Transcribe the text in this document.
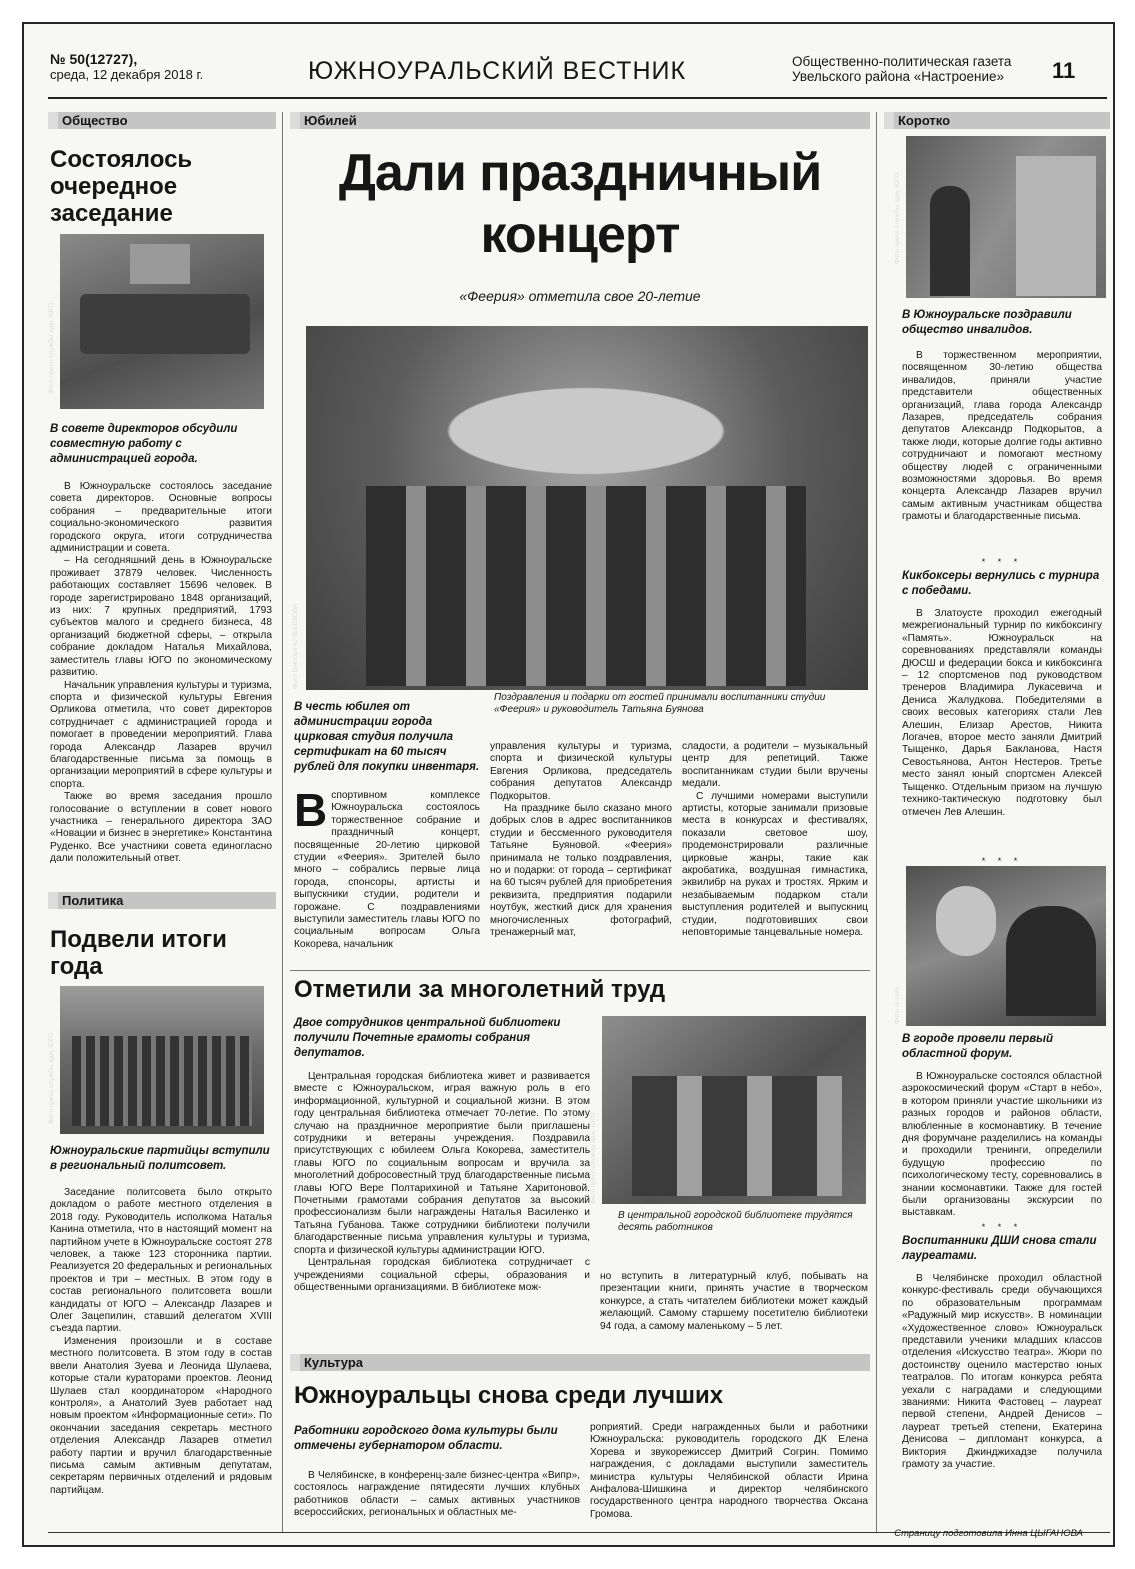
№ 50(12727),
среда, 12 декабря 2018 г.	ЮЖНОУРАЛЬСКИЙ ВЕСТНИК	Общественно-политическая газета
Увельского района «Настроение» 11
Общество
Состоялось очередное заседание
Фото пресс-службы адм. ЮГО
В совете директоров обсудили совместную работу с администрацией города.

В Южноуральске состоялось заседание совета директоров. Основные вопросы собрания – предварительные итоги социально-экономического развития городского округа, итоги сотрудничества администрации и совета.

– На сегодняшний день в Южноуральске проживает 37879 человек. Численность работающих составляет 15696 человек. В городе зарегистрировано 1848 организаций, из них: 7 крупных предприятий, 1793 субъектов малого и среднего бизнеса, 48 организаций бюджетной сферы, – открыла собрание докладом Наталья Михайлова, заместитель главы ЮГО по экономическому развитию.

Начальник управления культуры и туризма, спорта и физической культуры Евгения Орликова отметила, что совет директоров сотрудничает с администрацией города и помогает в проведении мероприятий. Глава города Александр Лазарев вручил благодарственные письма за помощь в организации мероприятий в сфере культуры и спорта.

Также во время заседания прошло голосование о вступлении в совет нового участника – генерального директора ЗАО «Новации и бизнес в энергетике» Константина Руденко. Все участники совета единогласно дали положительный ответ.

Политика
Подвели итоги года
Фото пресс-службы адм. ЮГО
Южноуральские партийцы вступили в региональный политсовет.

Заседание политсовета было открыто докладом о работе местного отделения в 2018 году. Руководитель исполкома Наталья Канина отметила, что в настоящий момент на партийном учете в Южноуральске состоят 278 человек, а также 123 сторонника партии. Реализуется 20 федеральных и региональных проектов и три – местных. В этом году в состав регионального политсовета вошли кандидаты от ЮГО – Александр Лазарев и Олег Зацепилин, ставший делегатом XVIII съезда партии.

Изменения произошли и в составе местного политсовета. В этом году в состав ввели Анатолия Зуева и Леонида Шулаева, которые стали кураторами проектов. Леонид Шулаев стал координатором «Народного контроля», а Анатолий Зуев работает над новым проектом «Информационные сети». По окончании заседания секретарь местного отделения Александр Лазарев отметил работу партии и вручил благодарственные письма самым активным депутатам, секретарям первичных отделений и рядовым партийцам.

Юбилей
Дали праздничный концерт
«Феерия» отметила свое 20-летие
Фото Виктора КУЛЬБЕКОВА
Поздравления и подарки от гостей принимали воспитанники студии «Феерия» и руководитель Татьяна Буянова
В честь юбилея от администрации города цирковая студия получила сертификат на 60 тысяч рублей для покупки инвентаря.
Вспортивном комплексе Южноуральска состоялось торжественное собрание и праздничный концерт, посвященные 20-летию цирковой студии «Феерия». Зрителей было много – собрались первые лица города, спонсоры, артисты и выпускники студии, родители и горожане. С поздравлениями выступили заместитель главы ЮГО по социальным вопросам Ольга Кокорева, начальник

управления культуры и туризма, спорта и физической культуры Евгения Орликова, председатель собрания депутатов Александр Подкорытов.

На празднике было сказано много добрых слов в адрес воспитанников студии и бессменного руководителя Татьяне Буяновой. «Феерия» принимала не только поздравления, но и подарки: от города – сертификат на 60 тысяч рублей для приобретения реквизита, предприятия подарили ноутбук, жесткий диск для хранения многочисленных фотографий, тренажерный мат,

сладости, а родители – музыкальный центр для репетиций. Также воспитанникам студии были вручены медали.

С лучшими номерами выступили артисты, которые занимали призовые места в конкурсах и фестивалях, показали световое шоу, продемонстрировали различные цирковые жанры, такие как акробатика, воздушная гимнастика, эквилибр на руках и тростях. Ярким и незабываемым подарком стали выступления родителей и выпускниц студии, подготовивших свои неповторимые танцевальные номера.

Отметили за многолетний труд
Двое сотрудников центральной библиотеки получили Почетные грамоты собрания депутатов.

Центральная городская библиотека живет и развивается вместе с Южноуральском, играя важную роль в его информационной, культурной и социальной жизни. В этом году центральная библиотека отмечает 70-летие. По этому случаю на праздничное мероприятие были приглашены сотрудники и ветераны учреждения. Поздравила присутствующих с юбилеем Ольга Кокорева, заместитель главы ЮГО по социальным вопросам и вручила за многолетний добросовестный труд благодарственные письма главы ЮГО Вере Полтарихиной и Татьяне Харитоновой. Почетными грамотами собрания депутатов за высокий профессионализм были награждены Наталья Василенко и Татьяна Губанова. Также сотрудники библиотеки получили благодарственные письма управления культуры и туризма, спорта и физической культуры администрации ЮГО.

Центральная городская библиотека сотрудничает с учреждениями социальной сферы, образования и общественными организациями. В библиотеке мож-

Фото пресс-службы адм. ЮГО
В центральной городской библиотеке трудятся десять работников
но вступить в литературный клуб, побывать на презентации книги, принять участие в творческом конкурсе, а стать читателем библиотеки может каждый желающий. Самому старшему посетителю библиотеки 94 года, а самому маленькому – 5 лет.
Культура
Южноуральцы снова среди лучших
Работники городского дома культуры были отмечены губернатором области.

В Челябинске, в конференц-зале бизнес-центра «Випр», состоялось награждение пятидесяти лучших клубных работников области – самых активных участников всероссийских, региональных и областных ме-

роприятий. Среди награжденных были и работники Южноуральска: руководитель городского ДК Елена Хорева и звукорежиссер Дмитрий Согрин. Помимо награждения, с докладами выступили заместитель министра культуры Челябинской области Ирина Анфалова-Шишкина и директор челябинского государственного центра народного творчества Оксана Громова.
Коротко
Фото пресс-службы адм. ЮГО
В Южноуральске поздравили общество инвалидов.

В торжественном мероприятии, посвященном 30-летию общества инвалидов, приняли участие представители общественных организаций, глава города Александр Лазарев, председатель собрания депутатов Александр Подкорытов, а также люди, которые долгие годы активно сотрудничают и помогают местному обществу людей с ограниченными возможностями здоровья. Во время концерта Александр Лазарев вручил самым активным участникам общества грамоты и благодарственные письма.

* * *
Кикбоксеры вернулись с турнира с победами.

В Златоусте проходил ежегодный межрегиональный турнир по кикбоксингу «Память». Южноуральск на соревнованиях представляли команды ДЮСШ и федерации бокса и кикбоксинга – 12 спортсменов под руководством тренеров Владимира Лукасевича и Дениса Жалудкова. Победителями в своих весовых категориях стали Лев Алешин, Елизар Арестов, Никита Логачев, второе место заняли Дмитрий Тыщенко, Дарья Бакланова, Настя Севостьянова, Антон Нестеров. Третье место занял юный спортсмен Алексей Тыщенко. Отдельным призом на лучшую технико-тактическую подготовку был отмечен Лев Алешин.

* * *
Фото vk.com
В городе провели первый областной форум.

В Южноуральске состоялся областной аэрокосмический форум «Старт в небо», в котором приняли участие школьники из разных городов и районов области, влюбленные в космонавтику. В течение дня форумчане разделились на команды и проходили тренинги, определили будущую профессию по психологическому тесту, соревновались в знании космонавтики. Также для гостей были организованы экскурсии по выставкам.

* * *
Воспитанники ДШИ снова стали лауреатами.

В Челябинске проходил областной конкурс-фестиваль среди обучающихся по образовательным программам «Радужный мир искусств». В номинации «Художественное слово» Южноуральск представили ученики младших классов отделения «Искусство театра». Жюри по достоинству оценило мастерство юных театралов. По итогам конкурса ребята уехали с наградами и следующими званиями: Никита Фастовец – лауреат первой степени, Андрей Денисов – лауреат третьей степени, Екатерина Денисова – дипломант конкурса, а Виктория Джинджихадзе получила грамоту за участие.

Страницу подготовила Инна ЦЫГАНОВА
